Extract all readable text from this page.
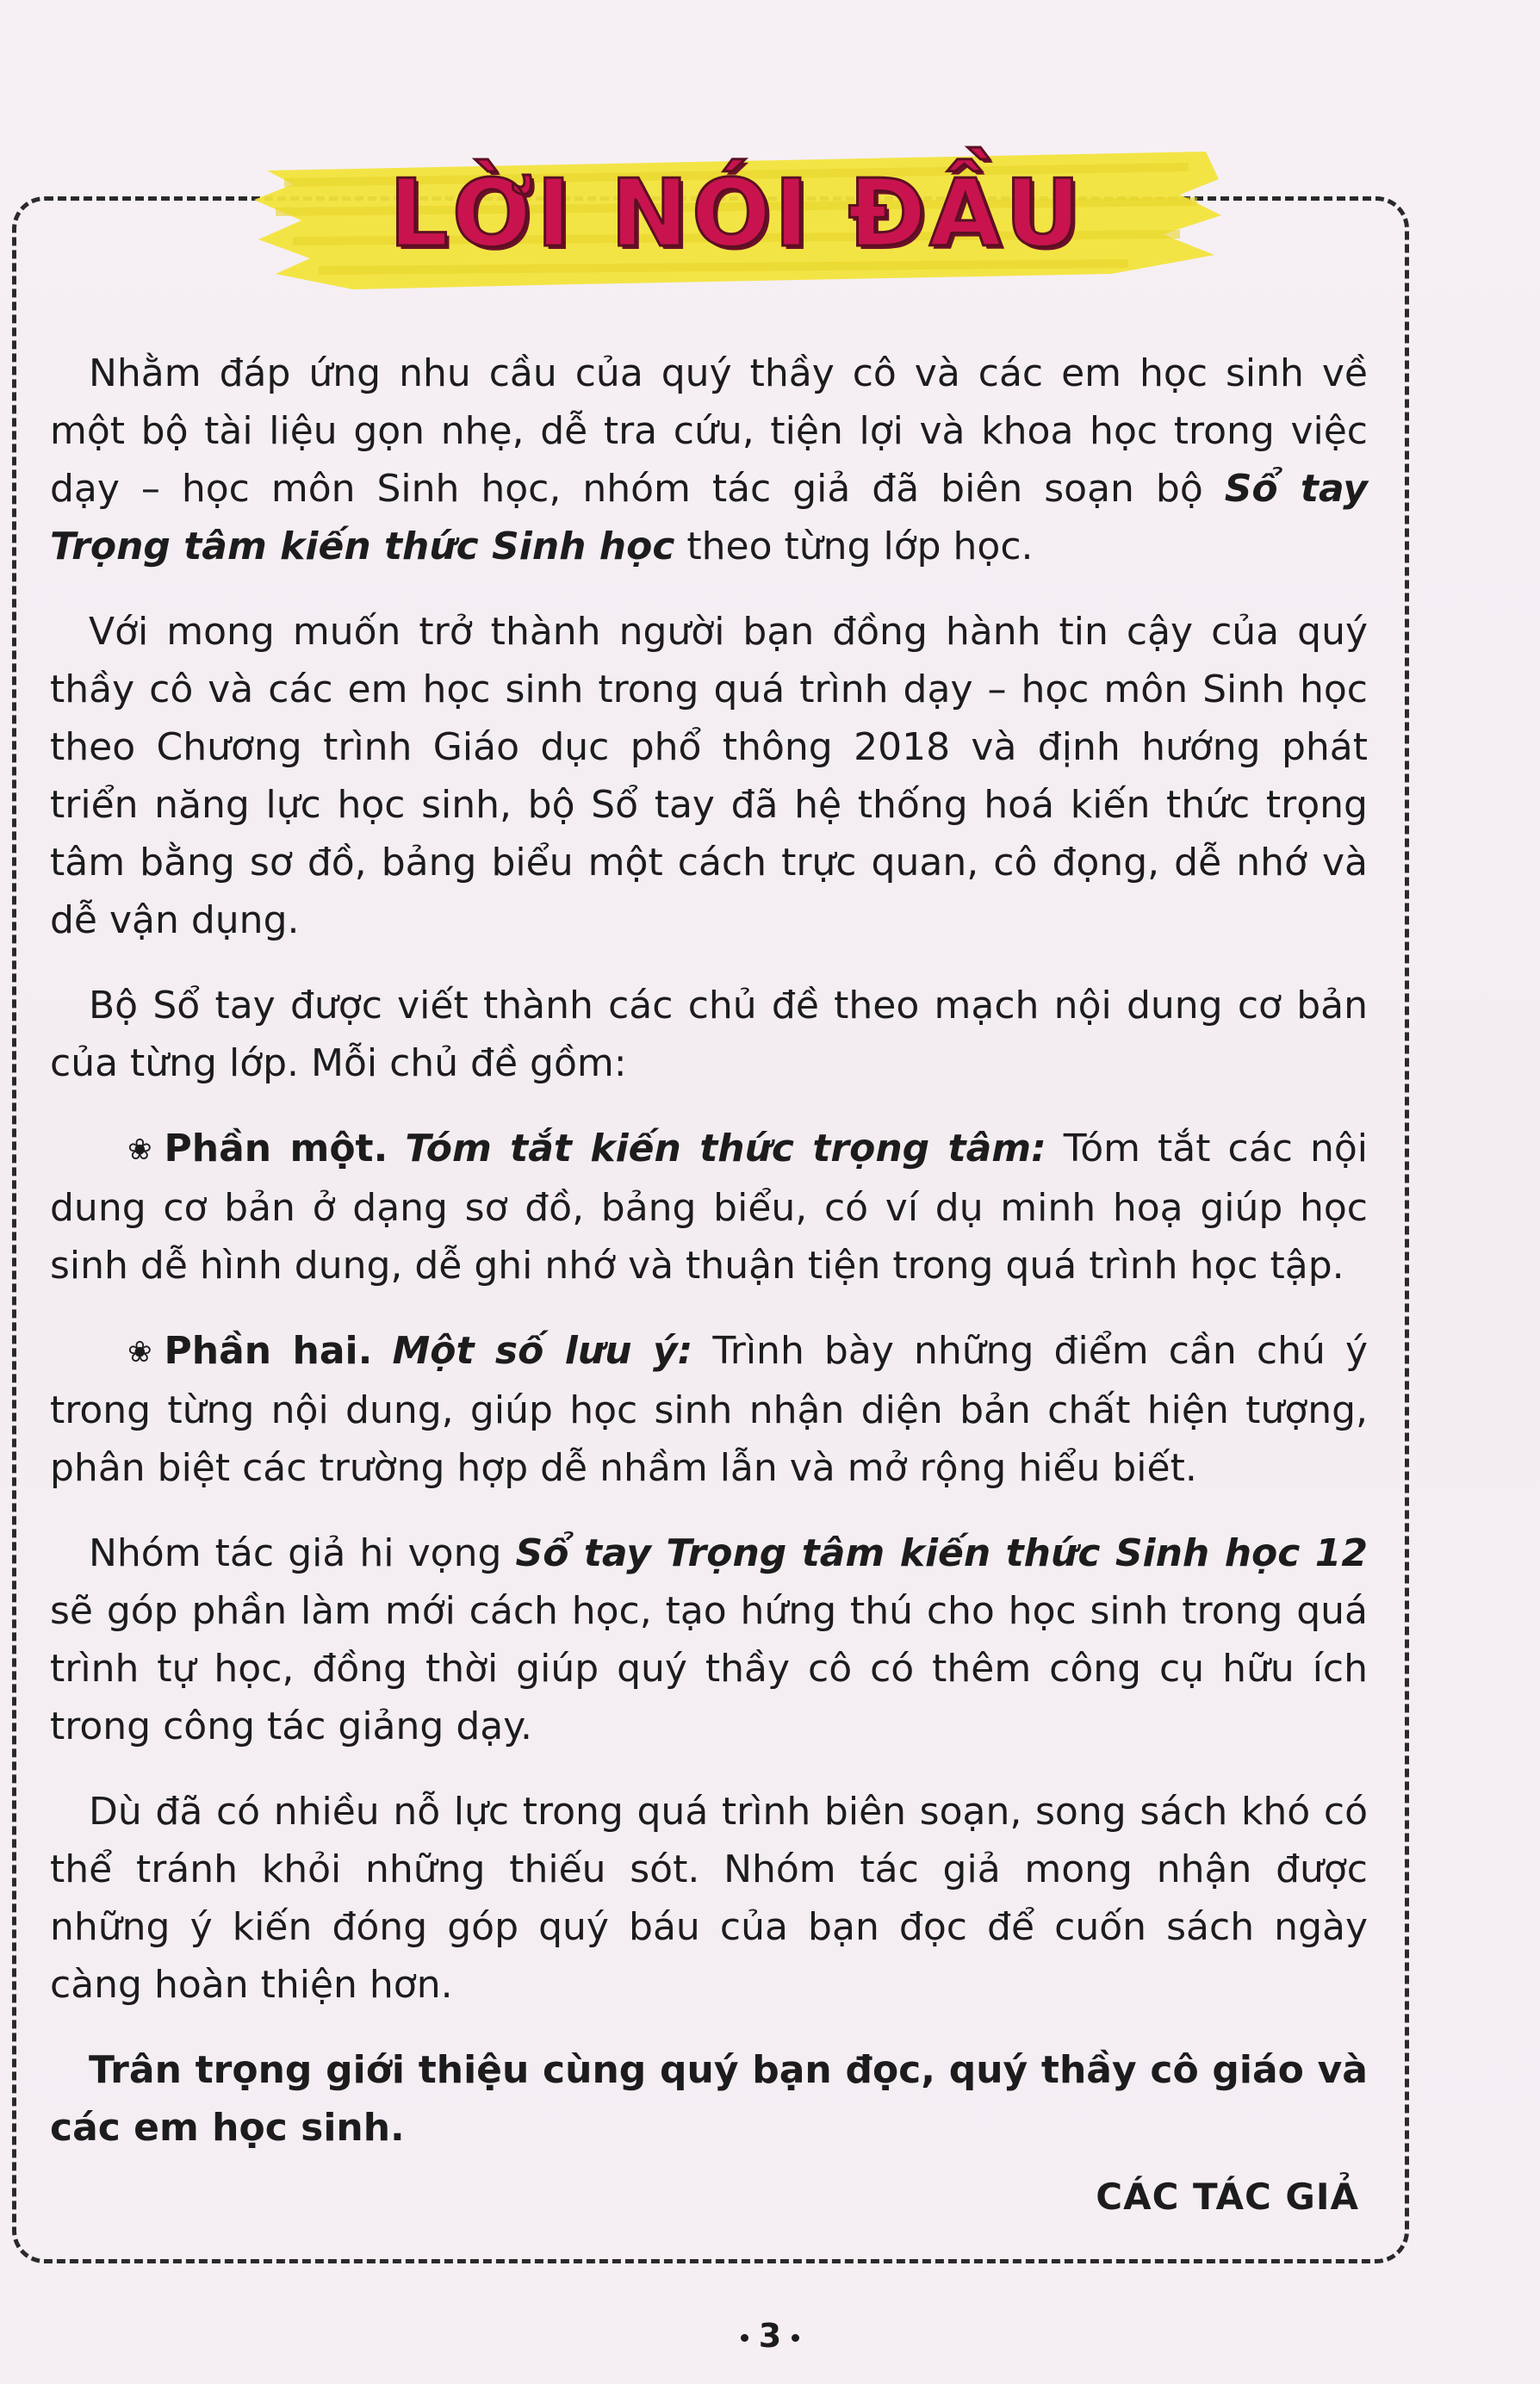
LỜI NÓI ĐẦU

Nhằm đáp ứng nhu cầu của quý thầy cô và các em học sinh về một bộ tài liệu gọn nhẹ, dễ tra cứu, tiện lợi và khoa học trong việc dạy – học môn Sinh học, nhóm tác giả đã biên soạn bộ Sổ tay Trọng tâm kiến thức Sinh học theo từng lớp học.

Với mong muốn trở thành người bạn đồng hành tin cậy của quý thầy cô và các em học sinh trong quá trình dạy – học môn Sinh học theo Chương trình Giáo dục phổ thông 2018 và định hướng phát triển năng lực học sinh, bộ Sổ tay đã hệ thống hoá kiến thức trọng tâm bằng sơ đồ, bảng biểu một cách trực quan, cô đọng, dễ nhớ và dễ vận dụng.

Bộ Sổ tay được viết thành các chủ đề theo mạch nội dung cơ bản của từng lớp. Mỗi chủ đề gồm:

❀ Phần một. Tóm tắt kiến thức trọng tâm: Tóm tắt các nội dung cơ bản ở dạng sơ đồ, bảng biểu, có ví dụ minh hoạ giúp học sinh dễ hình dung, dễ ghi nhớ và thuận tiện trong quá trình học tập.

❀ Phần hai. Một số lưu ý: Trình bày những điểm cần chú ý trong từng nội dung, giúp học sinh nhận diện bản chất hiện tượng, phân biệt các trường hợp dễ nhầm lẫn và mở rộng hiểu biết.

Nhóm tác giả hi vọng Sổ tay Trọng tâm kiến thức Sinh học 12 sẽ góp phần làm mới cách học, tạo hứng thú cho học sinh trong quá trình tự học, đồng thời giúp quý thầy cô có thêm công cụ hữu ích trong công tác giảng dạy.

Dù đã có nhiều nỗ lực trong quá trình biên soạn, song sách khó có thể tránh khỏi những thiếu sót. Nhóm tác giả mong nhận được những ý kiến đóng góp quý báu của bạn đọc để cuốn sách ngày càng hoàn thiện hơn.

Trân trọng giới thiệu cùng quý bạn đọc, quý thầy cô giáo và các em học sinh.

CÁC TÁC GIẢ

3
